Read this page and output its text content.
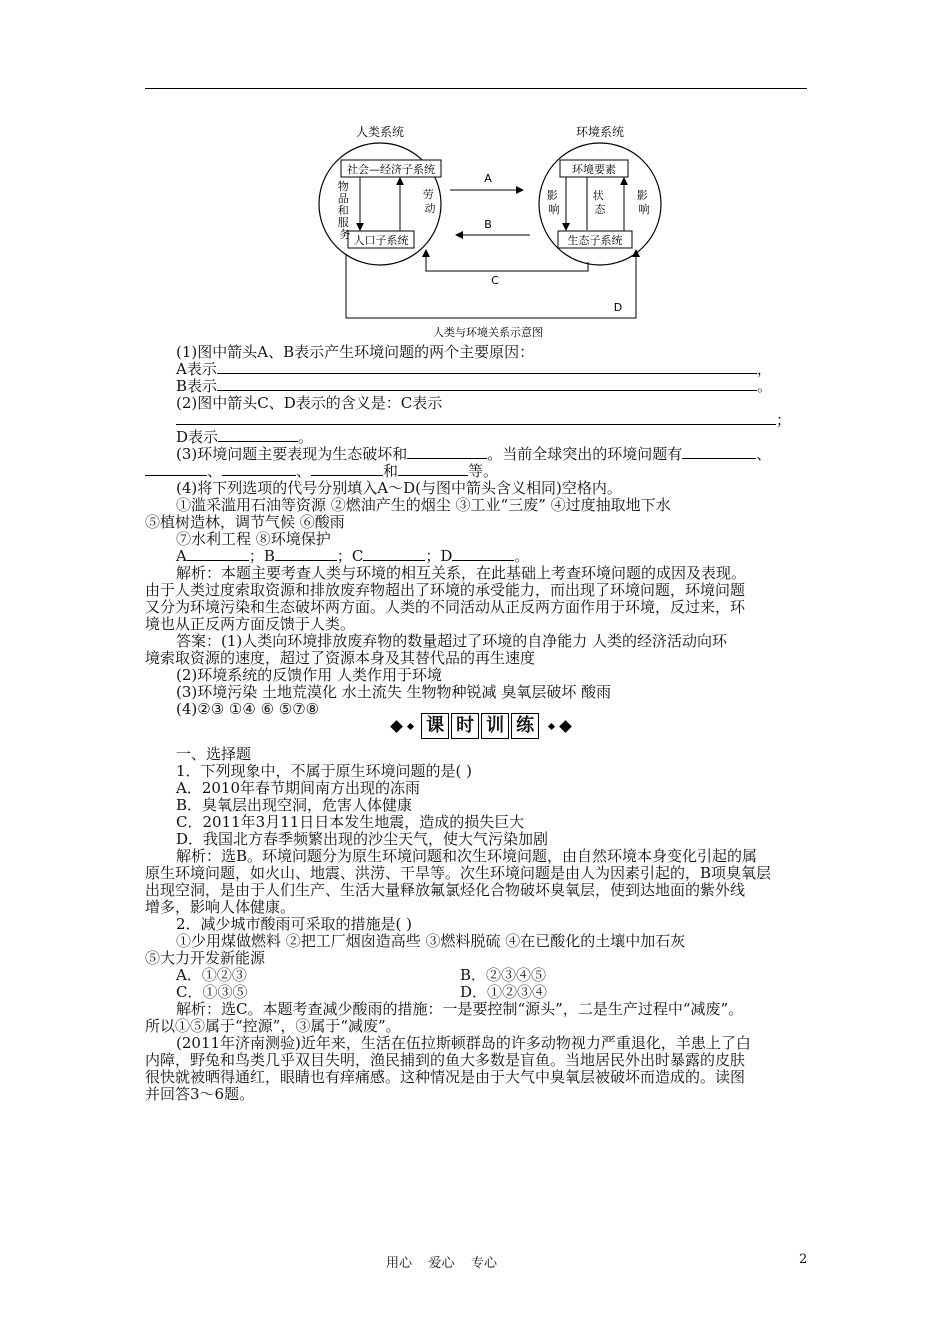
人类系统	环境系统
社会—经济子系统
人口子系统
物 品 和 服 务
劳 动
环境要素
生态子系统
影 响
状 态
影 响
A
B
C
D
人类与环境关系示意图
(1)图中箭头A、B表示产生环境问题的两个主要原因：
A表示	，
B表示	。
(2)图中箭头C、D表示的含义是：C表示
；
D表示	。
(3)环境问题主要表现为生态破坏和	。当前全球突出的环境问题有	、
、	、	和	等。
(4)将下列选项的代号分别填入A～D(与图中箭头含义相同)空格内。
①滥采滥用石油等资源 ②燃油产生的烟尘 ③工业“三废” ④过度抽取地下水
⑤植树造林，调节气候 ⑥酸雨
⑦水利工程 ⑧环境保护
A	；B	；C	；D	。
解析：本题主要考查人类与环境的相互关系，在此基础上考查环境问题的成因及表现。
由于人类过度索取资源和排放废弃物超出了环境的承受能力，而出现了环境问题，环境问题
又分为环境污染和生态破坏两方面。人类的不同活动从正反两方面作用于环境，反过来，环
境也从正反两方面反馈于人类。
答案：(1)人类向环境排放废弃物的数量超过了环境的自净能力 人类的经济活动向环
境索取资源的速度，超过了资源本身及其替代品的再生速度
(2)环境系统的反馈作用 人类作用于环境
(3)环境污染 土地荒漠化 水土流失 生物物种锐减 臭氧层破坏 酸雨
(4)②③ ①④ ⑥ ⑤⑦⑧
课 时 训 练
一、选择题
1．下列现象中，不属于原生环境问题的是( )
A．2010年春节期间南方出现的冻雨
B．臭氧层出现空洞，危害人体健康
C．2011年3月11日日本发生地震，造成的损失巨大
D．我国北方春季频繁出现的沙尘天气，使大气污染加剧
解析：选B。环境问题分为原生环境问题和次生环境问题，由自然环境本身变化引起的属
原生环境问题，如火山、地震、洪涝、干旱等。次生环境问题是由人为因素引起的，B项臭氧层
出现空洞，是由于人们生产、生活大量释放氟氯烃化合物破坏臭氧层，使到达地面的紫外线
增多，影响人体健康。
2．减少城市酸雨可采取的措施是( )
①少用煤做燃料 ②把工厂烟囱造高些 ③燃料脱硫 ④在已酸化的土壤中加石灰
⑤大力开发新能源
A．①②③	B．②③④⑤
C．①③⑤	D．①②③④
解析：选C。本题考查减少酸雨的措施：一是要控制“源头”，二是生产过程中“减废”。
所以①⑤属于“控源”，③属于“减废”。
(2011年济南测验)近年来，生活在伍拉斯顿群岛的许多动物视力严重退化，羊患上了白
内障，野兔和鸟类几乎双目失明，渔民捕到的鱼大多数是盲鱼。当地居民外出时暴露的皮肤
很快就被晒得通红，眼睛也有痒痛感。这种情况是由于大气中臭氧层被破坏而造成的。读图
并回答3～6题。
用心    爱心    专心	2
